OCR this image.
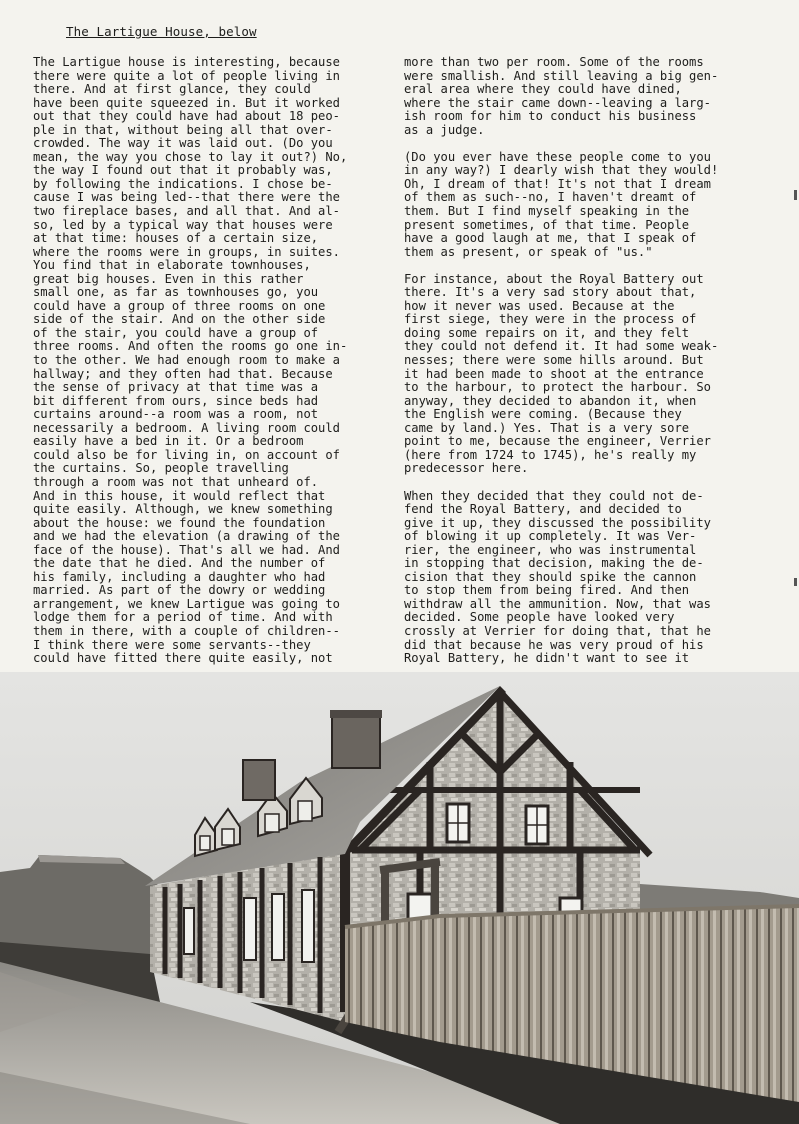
The Lartigue House, below
The Lartigue house is interesting, because
there were quite a lot of people living in
there. And at first glance, they could
have been quite squeezed in. But it worked
out that they could have had about 18 peo-
ple in that, without being all that over-
crowded. The way it was laid out. (Do you
mean, the way you chose to lay it out?) No,
the way I found out that it probably was,
by following the indications. I chose be-
cause I was being led--that there were the
two fireplace bases, and all that. And al-
so, led by a typical way that houses were
at that time: houses of a certain size,
where the rooms were in groups, in suites.
You find that in elaborate townhouses,
great big houses. Even in this rather
small one, as far as townhouses go, you
could have a group of three rooms on one
side of the stair. And on the other side
of the stair, you could have a group of
three rooms. And often the rooms go one in-
to the other. We had enough room to make a
hallway; and they often had that. Because
the sense of privacy at that time was a
bit different from ours, since beds had
curtains around--a room was a room, not
necessarily a bedroom. A living room could
easily have a bed in it. Or a bedroom
could also be for living in, on account of
the curtains. So, people travelling
through a room was not that unheard of.
And in this house, it would reflect that
quite easily. Although, we knew something
about the house: we found the foundation
and we had the elevation (a drawing of the
face of the house). That's all we had. And
the date that he died. And the number of
his family, including a daughter who had
married. As part of the dowry or wedding
arrangement, we knew Lartigue was going to
lodge them for a period of time. And with
them in there, with a couple of children--
I think there were some servants--they
could have fitted there quite easily, not
more than two per room. Some of the rooms
were smallish. And still leaving a big gen-
eral area where they could have dined,
where the stair came down--leaving a larg-
ish room for him to conduct his business
as a judge.
(Do you ever have these people come to you
in any way?) I dearly wish that they would!
Oh, I dream of that! It's not that I dream
of them as such--no, I haven't dreamt of
them. But I find myself speaking in the
present sometimes, of that time. People
have a good laugh at me, that I speak of
them as present, or speak of "us."
For instance, about the Royal Battery out
there. It's a very sad story about that,
how it never was used. Because at the
first siege, they were in the process of
doing some repairs on it, and they felt
they could not defend it. It had some weak-
nesses; there were some hills around. But
it had been made to shoot at the entrance
to the harbour, to protect the harbour. So
anyway, they decided to abandon it, when
the English were coming. (Because they
came by land.) Yes. That is a very sore
point to me, because the engineer, Verrier
(here from 1724 to 1745), he's really my
predecessor here.
When they decided that they could not de-
fend the Royal Battery, and decided to
give it up, they discussed the possibility
of blowing it up completely. It was Ver-
rier, the engineer, who was instrumental
in stopping that decision, making the de-
cision that they should spike the cannon
to stop them from being fired. And then
withdraw all the ammunition. Now, that was
decided. Some people have looked very
crossly at Verrier for doing that, that he
did that because he was very proud of his
Royal Battery, he didn't want to see it
